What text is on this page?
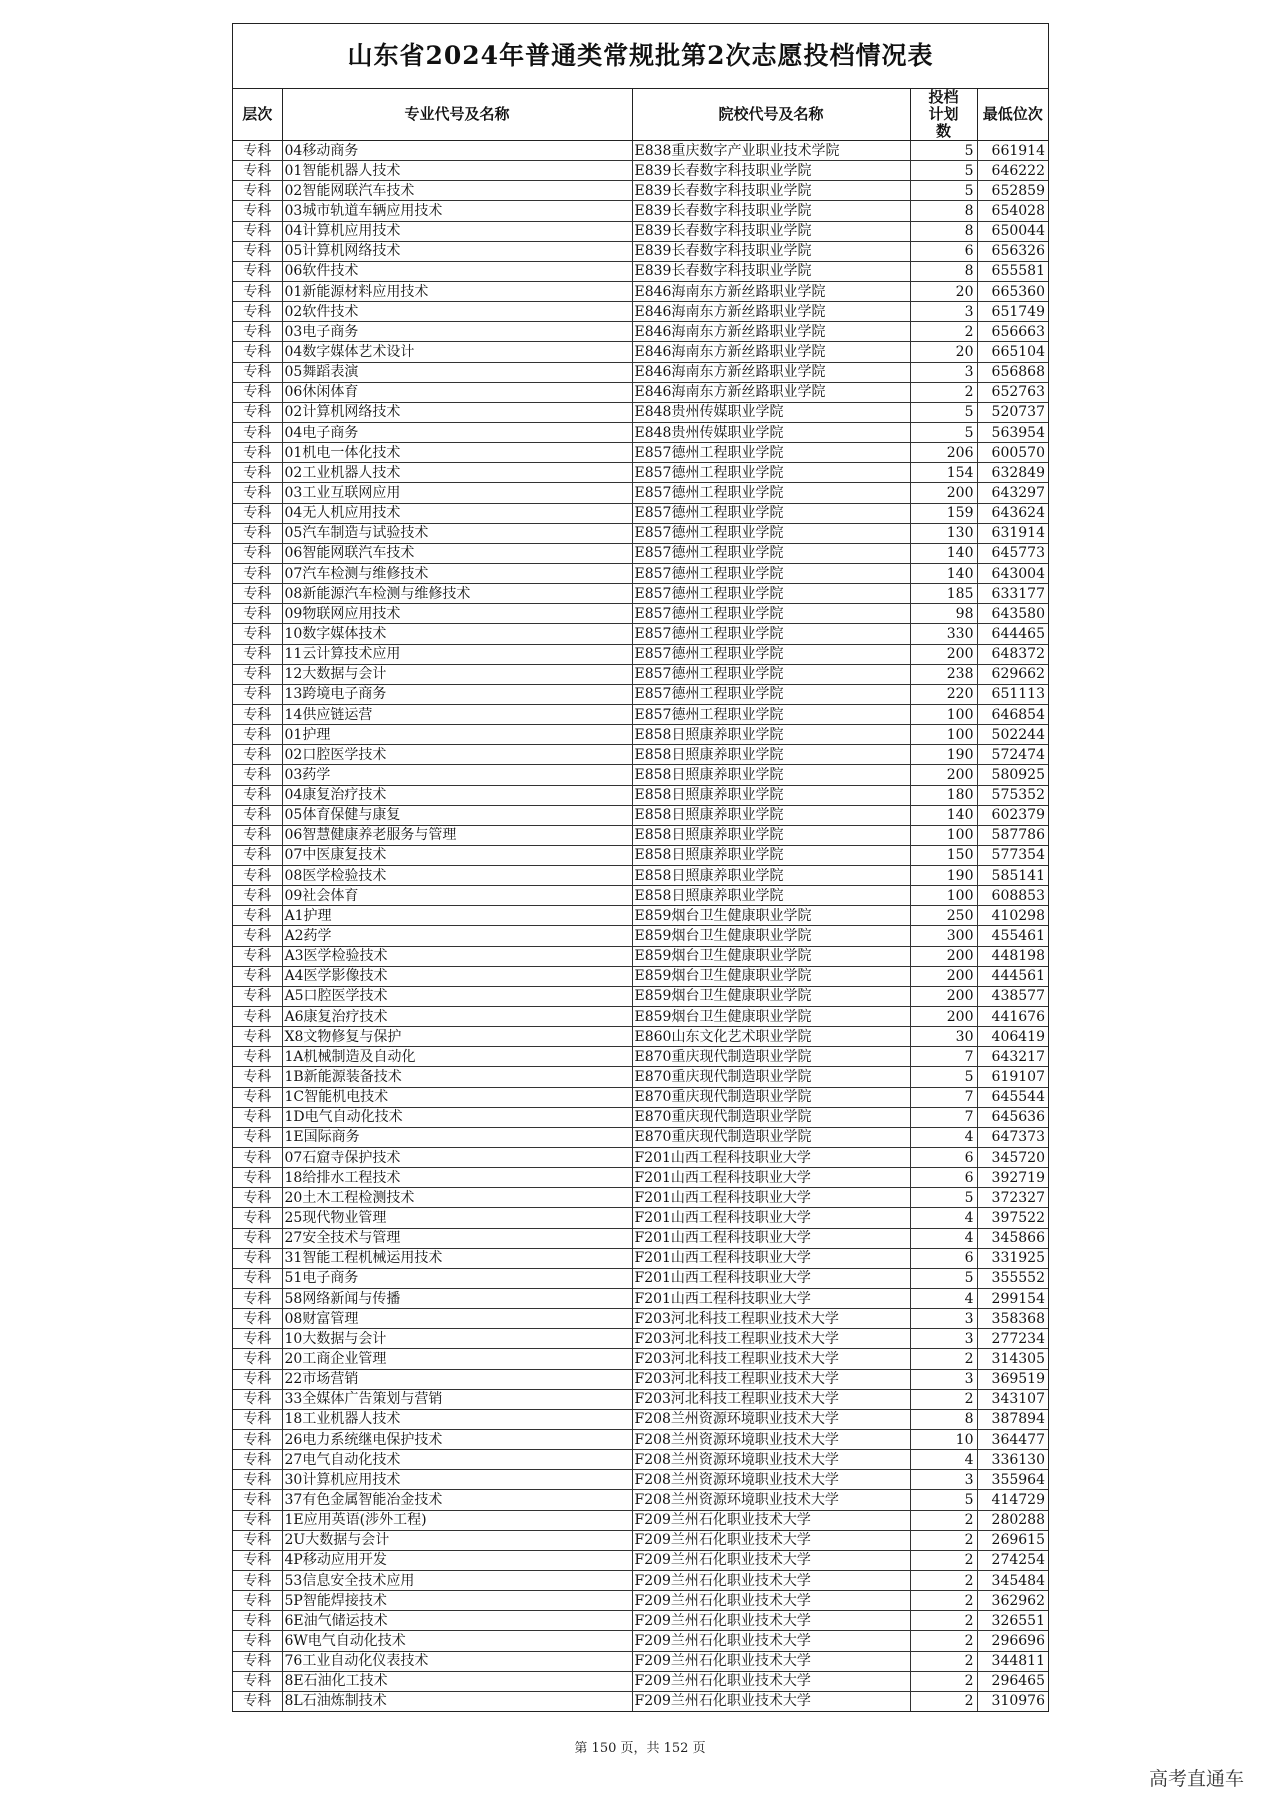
山东省2024年普通类常规批第2次志愿投档情况表
层次	专业代号及名称	院校代号及名称	投档计划数	最低位次
专科	04移动商务	E838重庆数字产业职业技术学院	5	661914
专科	01智能机器人技术	E839长春数字科技职业学院	5	646222
专科	02智能网联汽车技术	E839长春数字科技职业学院	5	652859
专科	03城市轨道车辆应用技术	E839长春数字科技职业学院	8	654028
专科	04计算机应用技术	E839长春数字科技职业学院	8	650044
专科	05计算机网络技术	E839长春数字科技职业学院	6	656326
专科	06软件技术	E839长春数字科技职业学院	8	655581
专科	01新能源材料应用技术	E846海南东方新丝路职业学院	20	665360
专科	02软件技术	E846海南东方新丝路职业学院	3	651749
专科	03电子商务	E846海南东方新丝路职业学院	2	656663
专科	04数字媒体艺术设计	E846海南东方新丝路职业学院	20	665104
专科	05舞蹈表演	E846海南东方新丝路职业学院	3	656868
专科	06休闲体育	E846海南东方新丝路职业学院	2	652763
专科	02计算机网络技术	E848贵州传媒职业学院	5	520737
专科	04电子商务	E848贵州传媒职业学院	5	563954
专科	01机电一体化技术	E857德州工程职业学院	206	600570
专科	02工业机器人技术	E857德州工程职业学院	154	632849
专科	03工业互联网应用	E857德州工程职业学院	200	643297
专科	04无人机应用技术	E857德州工程职业学院	159	643624
专科	05汽车制造与试验技术	E857德州工程职业学院	130	631914
专科	06智能网联汽车技术	E857德州工程职业学院	140	645773
专科	07汽车检测与维修技术	E857德州工程职业学院	140	643004
专科	08新能源汽车检测与维修技术	E857德州工程职业学院	185	633177
专科	09物联网应用技术	E857德州工程职业学院	98	643580
专科	10数字媒体技术	E857德州工程职业学院	330	644465
专科	11云计算技术应用	E857德州工程职业学院	200	648372
专科	12大数据与会计	E857德州工程职业学院	238	629662
专科	13跨境电子商务	E857德州工程职业学院	220	651113
专科	14供应链运营	E857德州工程职业学院	100	646854
专科	01护理	E858日照康养职业学院	100	502244
专科	02口腔医学技术	E858日照康养职业学院	190	572474
专科	03药学	E858日照康养职业学院	200	580925
专科	04康复治疗技术	E858日照康养职业学院	180	575352
专科	05体育保健与康复	E858日照康养职业学院	140	602379
专科	06智慧健康养老服务与管理	E858日照康养职业学院	100	587786
专科	07中医康复技术	E858日照康养职业学院	150	577354
专科	08医学检验技术	E858日照康养职业学院	190	585141
专科	09社会体育	E858日照康养职业学院	100	608853
专科	A1护理	E859烟台卫生健康职业学院	250	410298
专科	A2药学	E859烟台卫生健康职业学院	300	455461
专科	A3医学检验技术	E859烟台卫生健康职业学院	200	448198
专科	A4医学影像技术	E859烟台卫生健康职业学院	200	444561
专科	A5口腔医学技术	E859烟台卫生健康职业学院	200	438577
专科	A6康复治疗技术	E859烟台卫生健康职业学院	200	441676
专科	X8文物修复与保护	E860山东文化艺术职业学院	30	406419
专科	1A机械制造及自动化	E870重庆现代制造职业学院	7	643217
专科	1B新能源装备技术	E870重庆现代制造职业学院	5	619107
专科	1C智能机电技术	E870重庆现代制造职业学院	7	645544
专科	1D电气自动化技术	E870重庆现代制造职业学院	7	645636
专科	1E国际商务	E870重庆现代制造职业学院	4	647373
专科	07石窟寺保护技术	F201山西工程科技职业大学	6	345720
专科	18给排水工程技术	F201山西工程科技职业大学	6	392719
专科	20土木工程检测技术	F201山西工程科技职业大学	5	372327
专科	25现代物业管理	F201山西工程科技职业大学	4	397522
专科	27安全技术与管理	F201山西工程科技职业大学	4	345866
专科	31智能工程机械运用技术	F201山西工程科技职业大学	6	331925
专科	51电子商务	F201山西工程科技职业大学	5	355552
专科	58网络新闻与传播	F201山西工程科技职业大学	4	299154
专科	08财富管理	F203河北科技工程职业技术大学	3	358368
专科	10大数据与会计	F203河北科技工程职业技术大学	3	277234
专科	20工商企业管理	F203河北科技工程职业技术大学	2	314305
专科	22市场营销	F203河北科技工程职业技术大学	3	369519
专科	33全媒体广告策划与营销	F203河北科技工程职业技术大学	2	343107
专科	18工业机器人技术	F208兰州资源环境职业技术大学	8	387894
专科	26电力系统继电保护技术	F208兰州资源环境职业技术大学	10	364477
专科	27电气自动化技术	F208兰州资源环境职业技术大学	4	336130
专科	30计算机应用技术	F208兰州资源环境职业技术大学	3	355964
专科	37有色金属智能冶金技术	F208兰州资源环境职业技术大学	5	414729
专科	1E应用英语(涉外工程)	F209兰州石化职业技术大学	2	280288
专科	2U大数据与会计	F209兰州石化职业技术大学	2	269615
专科	4P移动应用开发	F209兰州石化职业技术大学	2	274254
专科	53信息安全技术应用	F209兰州石化职业技术大学	2	345484
专科	5P智能焊接技术	F209兰州石化职业技术大学	2	362962
专科	6E油气储运技术	F209兰州石化职业技术大学	2	326551
专科	6W电气自动化技术	F209兰州石化职业技术大学	2	296696
专科	76工业自动化仪表技术	F209兰州石化职业技术大学	2	344811
专科	8E石油化工技术	F209兰州石化职业技术大学	2	296465
专科	8L石油炼制技术	F209兰州石化职业技术大学	2	310976
第 150 页，共 152 页
高考直通车
